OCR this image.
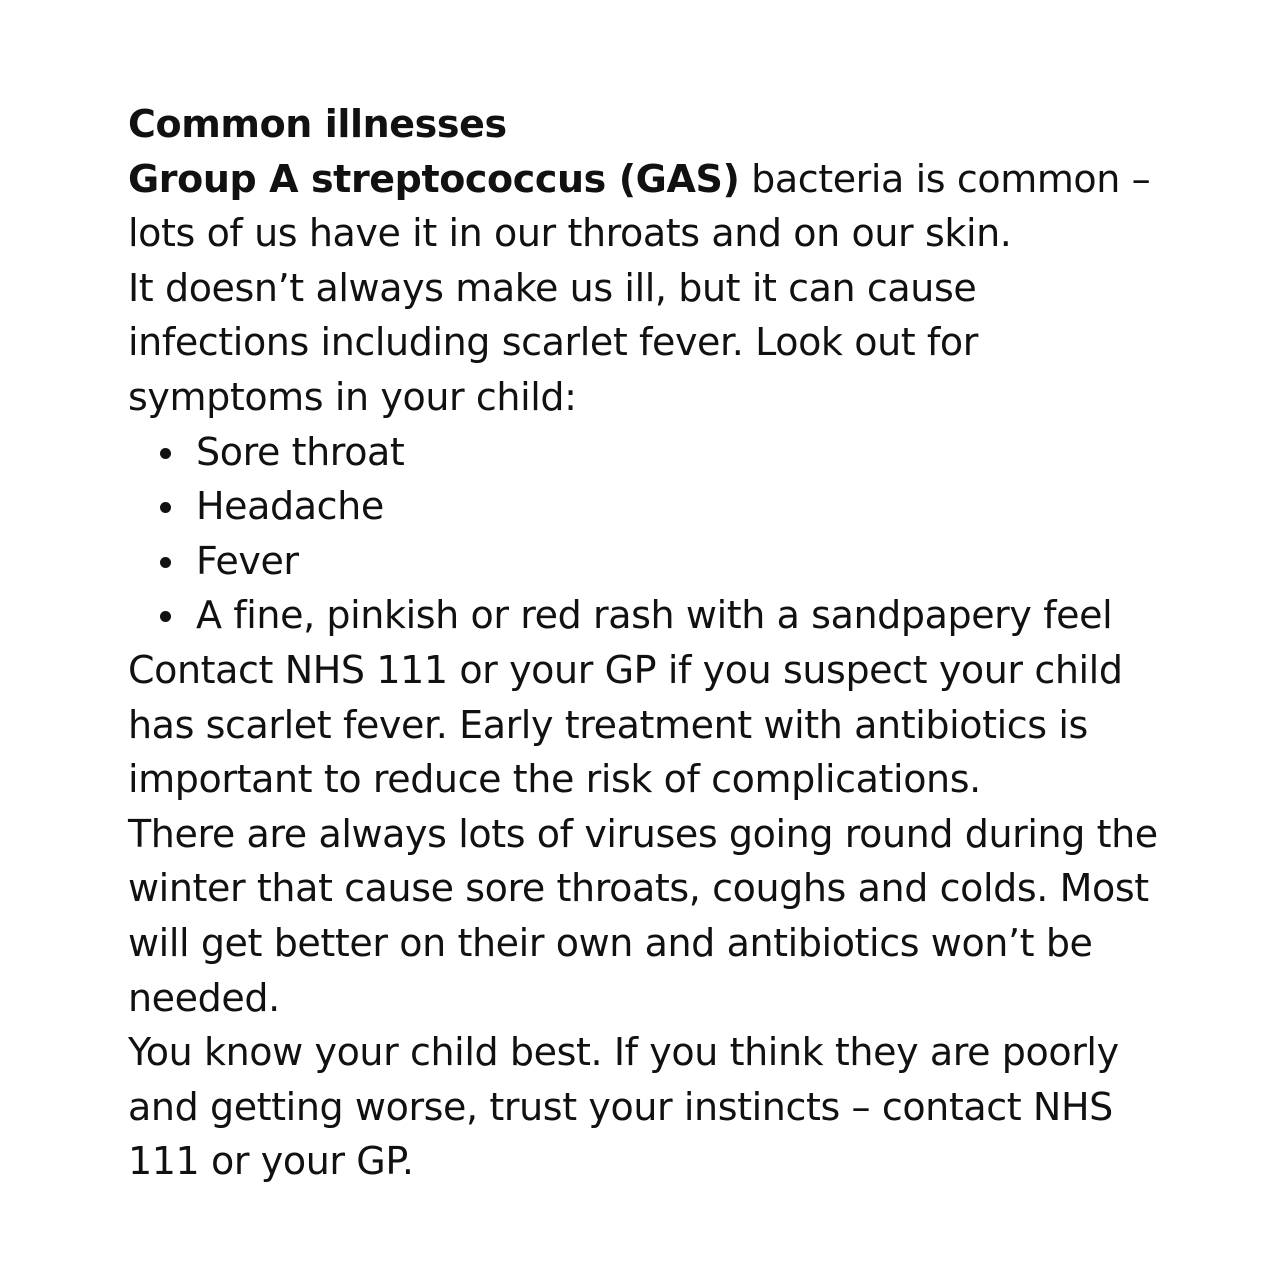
Common illnesses

Group A streptococcus (GAS) bacteria is common – lots of us have it in our throats and on our skin.

It doesn’t always make us ill, but it can cause infections including scarlet fever. Look out for symptoms in your child:

Sore throat
Headache
Fever
A fine, pinkish or red rash with a sandpapery feel

Contact NHS 111 or your GP if you suspect your child has scarlet fever. Early treatment with antibiotics is important to reduce the risk of complications.

There are always lots of viruses going round during the winter that cause sore throats, coughs and colds. Most will get better on their own and antibiotics won’t be needed.

You know your child best. If you think they are poorly and getting worse, trust your instincts – contact NHS 111 or your GP.
